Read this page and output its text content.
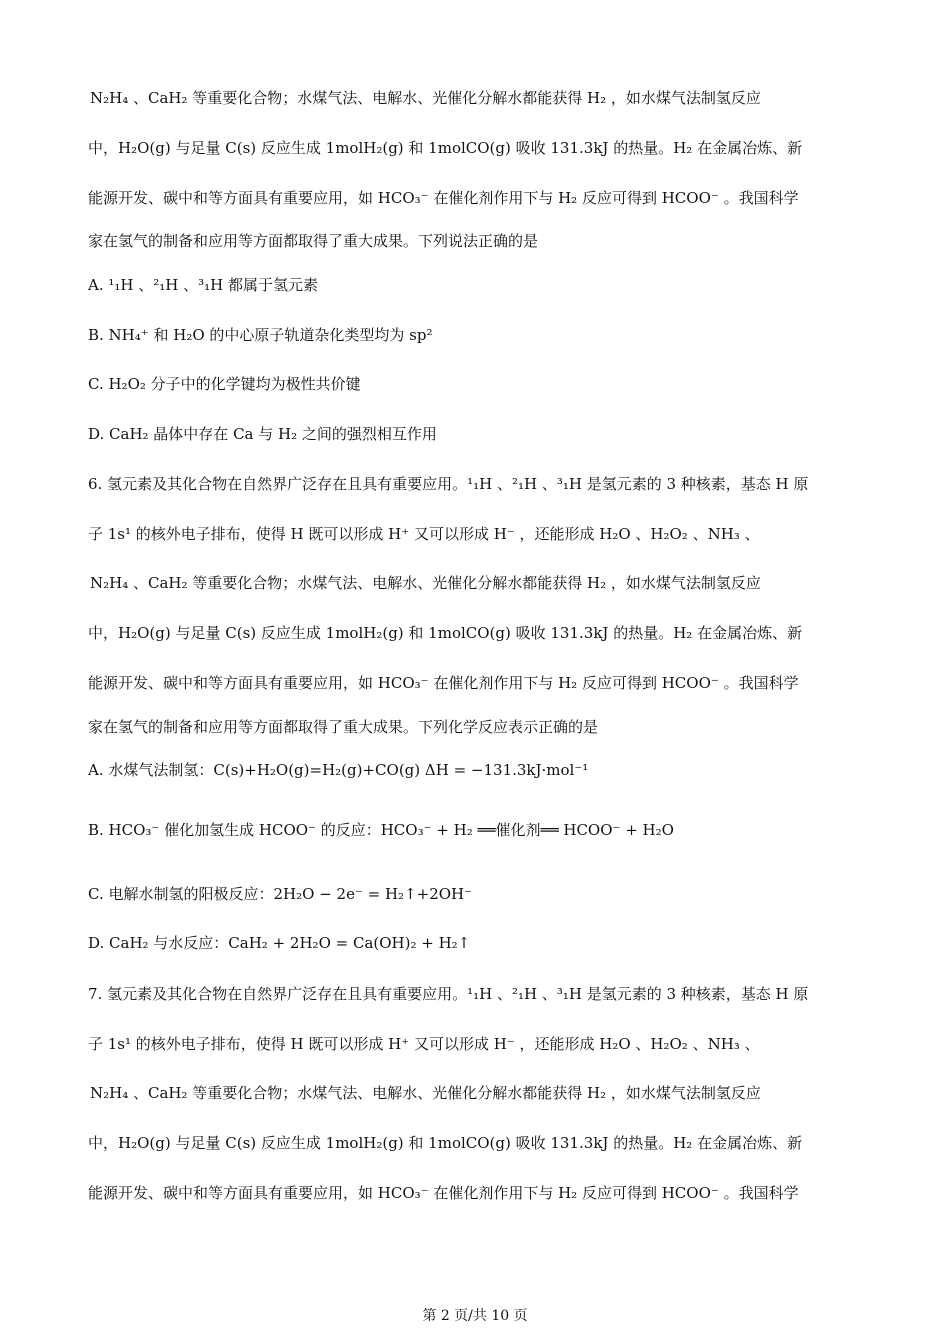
N₂H₄ 、CaH₂ 等重要化合物；水煤气法、电解水、光催化分解水都能获得 H₂ ，如水煤气法制氢反应
中，H₂O(g) 与足量 C(s) 反应生成 1molH₂(g) 和 1molCO(g) 吸收 131.3kJ 的热量。H₂ 在金属冶炼、新
能源开发、碳中和等方面具有重要应用，如 HCO₃⁻ 在催化剂作用下与 H₂ 反应可得到 HCOO⁻ 。我国科学
家在氢气的制备和应用等方面都取得了重大成果。下列说法正确的是
A. ¹₁H 、²₁H 、³₁H 都属于氢元素
B. NH₄⁺ 和 H₂O 的中心原子轨道杂化类型均为 sp²
C. H₂O₂ 分子中的化学键均为极性共价键
D. CaH₂ 晶体中存在 Ca 与 H₂ 之间的强烈相互作用
6. 氢元素及其化合物在自然界广泛存在且具有重要应用。¹₁H 、²₁H 、³₁H 是氢元素的 3 种核素，基态 H 原
子 1s¹ 的核外电子排布，使得 H 既可以形成 H⁺ 又可以形成 H⁻ ，还能形成 H₂O 、H₂O₂ 、NH₃ 、
N₂H₄ 、CaH₂ 等重要化合物；水煤气法、电解水、光催化分解水都能获得 H₂ ，如水煤气法制氢反应
中，H₂O(g) 与足量 C(s) 反应生成 1molH₂(g) 和 1molCO(g) 吸收 131.3kJ 的热量。H₂ 在金属冶炼、新
能源开发、碳中和等方面具有重要应用，如 HCO₃⁻ 在催化剂作用下与 H₂ 反应可得到 HCOO⁻ 。我国科学
家在氢气的制备和应用等方面都取得了重大成果。下列化学反应表示正确的是
A. 水煤气法制氢：C(s)+H₂O(g)=H₂(g)+CO(g) ΔH = −131.3kJ·mol⁻¹
B. HCO₃⁻ 催化加氢生成 HCOO⁻ 的反应：HCO₃⁻ + H₂ ══催化剂══ HCOO⁻ + H₂O
C. 电解水制氢的阳极反应：2H₂O − 2e⁻ = H₂↑+2OH⁻
D. CaH₂ 与水反应：CaH₂ + 2H₂O = Ca(OH)₂ + H₂↑
7. 氢元素及其化合物在自然界广泛存在且具有重要应用。¹₁H 、²₁H 、³₁H 是氢元素的 3 种核素，基态 H 原
子 1s¹ 的核外电子排布，使得 H 既可以形成 H⁺ 又可以形成 H⁻ ，还能形成 H₂O 、H₂O₂ 、NH₃ 、
N₂H₄ 、CaH₂ 等重要化合物；水煤气法、电解水、光催化分解水都能获得 H₂ ，如水煤气法制氢反应
中，H₂O(g) 与足量 C(s) 反应生成 1molH₂(g) 和 1molCO(g) 吸收 131.3kJ 的热量。H₂ 在金属冶炼、新
能源开发、碳中和等方面具有重要应用，如 HCO₃⁻ 在催化剂作用下与 H₂ 反应可得到 HCOO⁻ 。我国科学
第 2 页/共 10 页
